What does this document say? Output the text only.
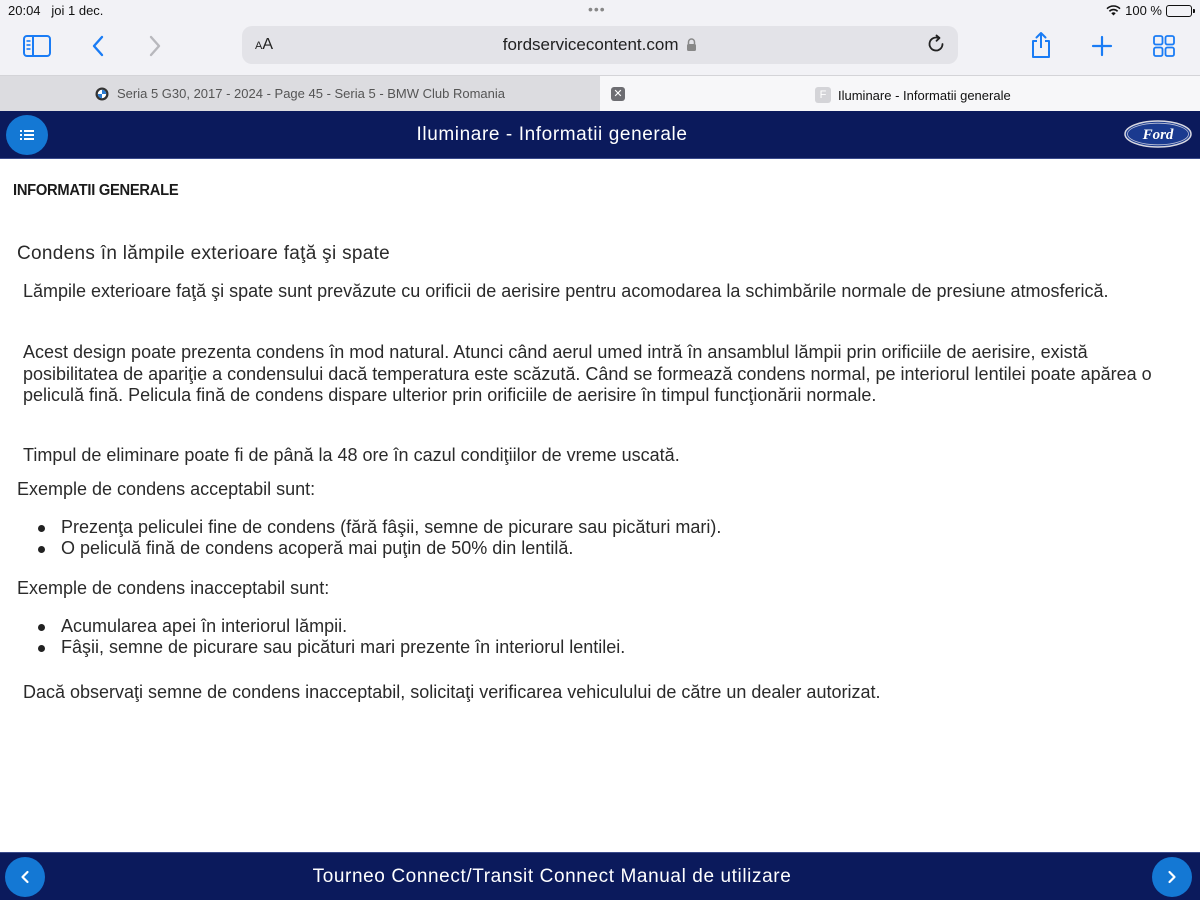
20:04 joi 1 dec.	•••	100 %
AA	fordservicecontent.com
Seria 5 G30, 2017 - 2024 - Page 45 - Seria 5 - BMW Club Romania	✕	F Iluminare - Informatii generale
Iluminare - Informatii generale	Ford
INFORMATII GENERALE
Condens în lămpile exterioare faţă şi spate
Lămpile exterioare faţă şi spate sunt prevăzute cu orificii de aerisire pentru acomodarea la schimbările normale de presiune atmosferică.
Acest design poate prezenta condens în mod natural. Atunci când aerul umed intră în ansamblul lămpii prin orificiile de aerisire, există posibilitatea de apariţie a condensului dacă temperatura este scăzută. Când se formează condens normal, pe interiorul lentilei poate apărea o peliculă fină. Pelicula fină de condens dispare ulterior prin orificiile de aerisire în timpul funcţionării normale.
Timpul de eliminare poate fi de până la 48 ore în cazul condiţiilor de vreme uscată.
Exemple de condens acceptabil sunt:
Prezenţa peliculei fine de condens (fără fâşii, semne de picurare sau picături mari).
O peliculă fină de condens acoperă mai puţin de 50% din lentilă.
Exemple de condens inacceptabil sunt:
Acumularea apei în interiorul lămpii.
Fâşii, semne de picurare sau picături mari prezente în interiorul lentilei.
Dacă observaţi semne de condens inacceptabil, solicitaţi verificarea vehiculului de către un dealer autorizat.
Tourneo Connect/Transit Connect Manual de utilizare
